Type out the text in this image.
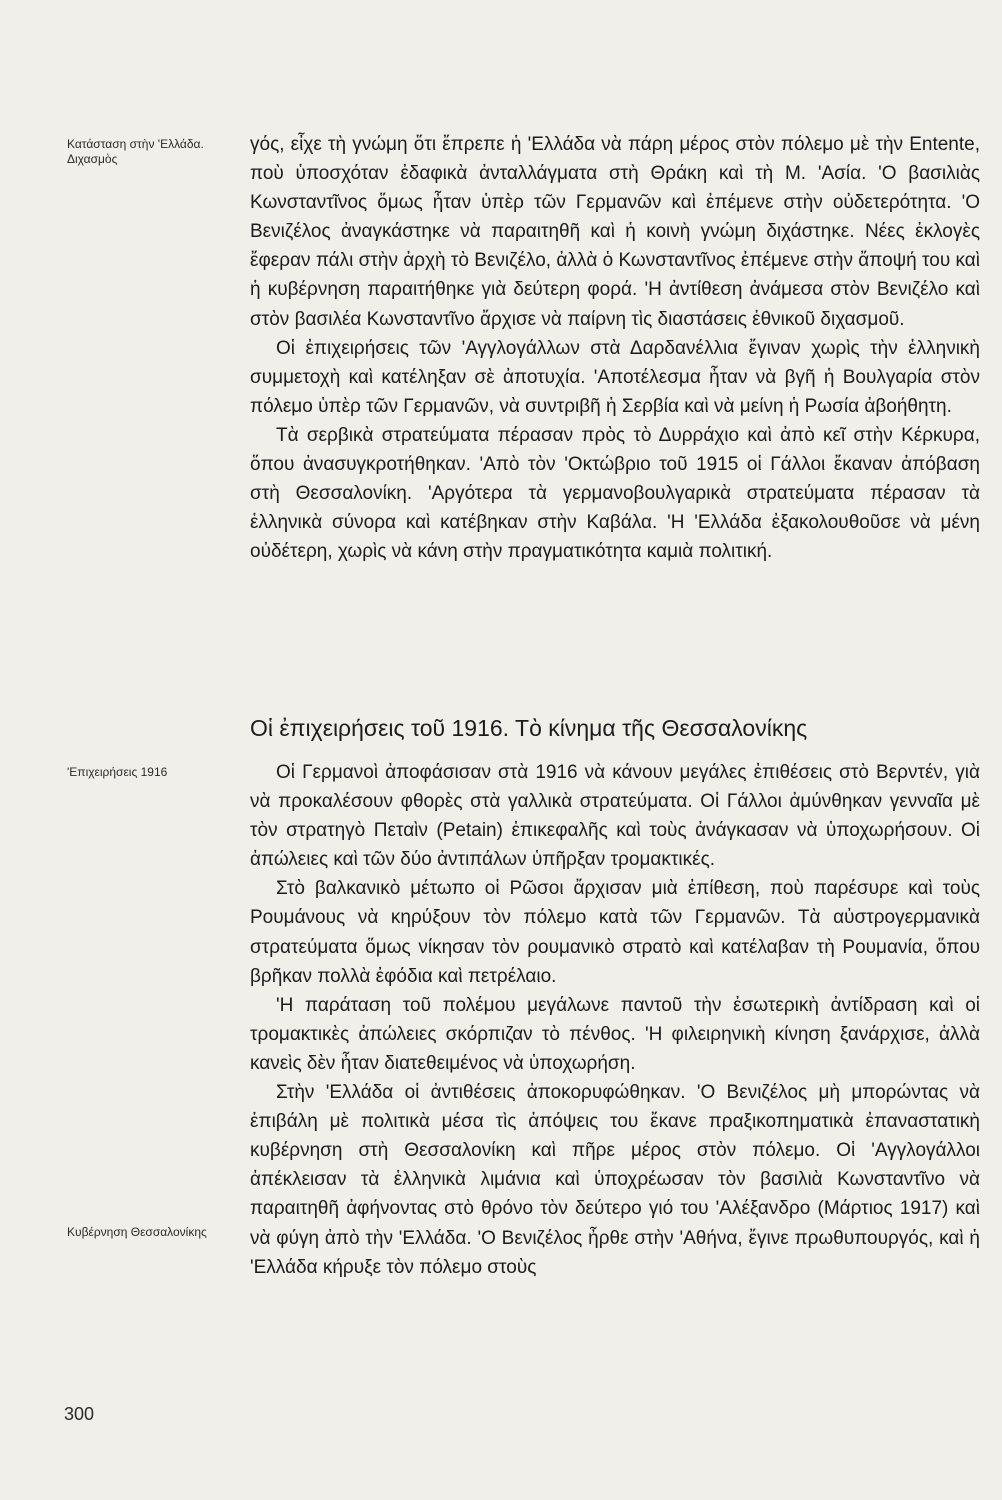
Κατάσταση στὴν 'Ελλάδα. Διχασμὸς
'Επιχειρήσεις 1916
Κυβέρνηση Θεσσαλονίκης
300

γός, εἶχε τὴ γνώμη ὅτι ἔπρεπε ἡ 'Ελλάδα νὰ πάρη μέρος στὸν πόλεμο μὲ τὴν Entente, ποὺ ὑποσχόταν ἐδαφικὰ ἀνταλλάγματα στὴ Θράκη καὶ τὴ Μ. 'Ασία. 'Ο βασιλιὰς Κωνσταντῖνος ὅμως ἦταν ὑπὲρ τῶν Γερμανῶν καὶ ἐπέμενε στὴν οὐδετερότητα. 'Ο Βενιζέλος ἀναγκάστηκε νὰ παραιτηθῆ καὶ ἡ κοινὴ γνώμη διχάστηκε. Νέες ἐκλογὲς ἔφεραν πάλι στὴν ἀρχὴ τὸ Βενιζέλο, ἀλλὰ ὁ Κωνσταντῖνος ἐπέμενε στὴν ἄποψή του καὶ ἡ κυβέρνηση παραιτήθηκε γιὰ δεύτερη φορά. 'Η ἀντίθεση ἀνάμεσα στὸν Βενιζέλο καὶ στὸν βασιλέα Κωνσταντῖνο ἄρχισε νὰ παίρνη τὶς διαστάσεις ἐθνικοῦ διχασμοῦ.

Οἱ ἐπιχειρήσεις τῶν 'Αγγλογάλλων στὰ Δαρδανέλλια ἔγιναν χωρὶς τὴν ἑλληνικὴ συμμετοχὴ καὶ κατέληξαν σὲ ἀποτυχία. 'Αποτέλεσμα ἦταν νὰ βγῆ ἡ Βουλγαρία στὸν πόλεμο ὑπὲρ τῶν Γερμανῶν, νὰ συντριβῆ ἡ Σερβία καὶ νὰ μείνη ἡ Ρωσία ἀβοήθητη.

Τὰ σερβικὰ στρατεύματα πέρασαν πρὸς τὸ Δυρράχιο καὶ ἀπὸ κεῖ στὴν Κέρκυρα, ὅπου ἀνασυγκροτήθηκαν. 'Απὸ τὸν 'Οκτώβριο τοῦ 1915 οἱ Γάλλοι ἔκαναν ἀπόβαση στὴ Θεσσαλονίκη. 'Αργότερα τὰ γερμανοβουλγαρικὰ στρατεύματα πέρασαν τὰ ἑλληνικὰ σύνορα καὶ κατέβηκαν στὴν Καβάλα. 'Η 'Ελλάδα ἐξακολουθοῦσε νὰ μένη οὐδέτερη, χωρὶς νὰ κάνη στὴν πραγματικότητα καμιὰ πολιτική.

Οἱ ἐπιχειρήσεις τοῦ 1916. Τὸ κίνημα τῆς Θεσσαλονίκης

Οἱ Γερμανοὶ ἀποφάσισαν στὰ 1916 νὰ κάνουν μεγάλες ἐπιθέσεις στὸ Βερντέν, γιὰ νὰ προκαλέσουν φθορὲς στὰ γαλλικὰ στρατεύματα. Οἱ Γάλλοι ἀμύνθηκαν γενναῖα μὲ τὸν στρατηγὸ Πεταὶν (Petain) ἐπικεφαλῆς καὶ τοὺς ἀνάγκασαν νὰ ὑποχωρήσουν. Οἱ ἀπώλειες καὶ τῶν δύο ἀντιπάλων ὑπῆρξαν τρομακτικές.

Στὸ βαλκανικὸ μέτωπο οἱ Ρῶσοι ἄρχισαν μιὰ ἐπίθεση, ποὺ παρέσυρε καὶ τοὺς Ρουμάνους νὰ κηρύξουν τὸν πόλεμο κατὰ τῶν Γερμανῶν. Τὰ αὐστρογερμανικὰ στρατεύματα ὅμως νίκησαν τὸν ρουμανικὸ στρατὸ καὶ κατέλαβαν τὴ Ρουμανία, ὅπου βρῆκαν πολλὰ ἐφόδια καὶ πετρέλαιο.

'Η παράταση τοῦ πολέμου μεγάλωνε παντοῦ τὴν ἐσωτερικὴ ἀντίδραση καὶ οἱ τρομακτικὲς ἀπώλειες σκόρπιζαν τὸ πένθος. 'Η φιλειρηνικὴ κίνηση ξανάρχισε, ἀλλὰ κανεὶς δὲν ἦταν διατεθειμένος νὰ ὑποχωρήση.

Στὴν 'Ελλάδα οἱ ἀντιθέσεις ἀποκορυφώθηκαν. 'Ο Βενιζέλος μὴ μπορώντας νὰ ἐπιβάλη μὲ πολιτικὰ μέσα τὶς ἀπόψεις του ἔκανε πραξικοπηματικὰ ἐπαναστατικὴ κυβέρνηση στὴ Θεσσαλονίκη καὶ πῆρε μέρος στὸν πόλεμο. Οἱ 'Αγγλογάλλοι ἀπέκλεισαν τὰ ἑλληνικὰ λιμάνια καὶ ὑποχρέωσαν τὸν βασιλιὰ Κωνσταντῖνο νὰ παραιτηθῆ ἀφήνοντας στὸ θρόνο τὸν δεύτερο γιό του 'Αλέξανδρο (Μάρτιος 1917) καὶ νὰ φύγη ἀπὸ τὴν 'Ελλάδα. 'Ο Βενιζέλος ἦρθε στὴν 'Αθήνα, ἔγινε πρωθυπουργός, καὶ ἡ 'Ελλάδα κήρυξε τὸν πόλεμο στοὺς
